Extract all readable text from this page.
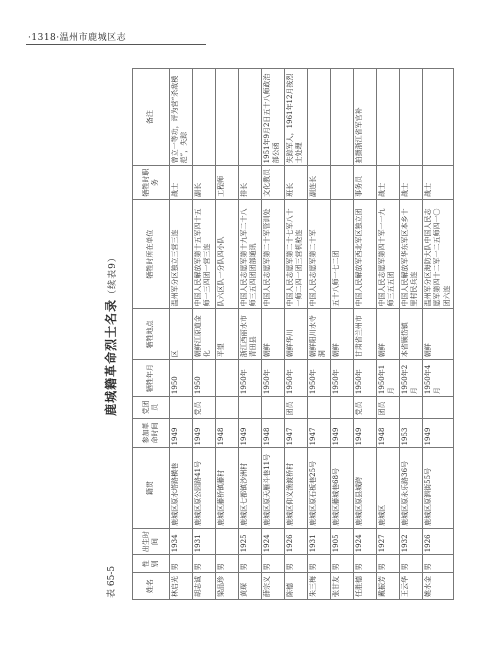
·1318·温州市鹿城区志
表 65-5
鹿城籍革命烈士名录（续表9）
姓名	性别	出生时间	籍贯	参加革命时间	党团员	牺牲年月	牺牲地点	牺牲时所在单位	牺牲时职务	备注
林启光	男	1934	鹿城区原水塔路横巷	1949		1950	区	温州军分区独立三营三连	战士	曾立一等功，评为营“杀敌模范”，失踪
胡志诚	男	1931	鹿城区原公园路41号	1949	党员	1950	朝鲜江原道金化	中国人民解放军第十五军四十五师一三四团一营三连	副长	
梁品珍	男		鹿城区藤桥镇藤村	1948			平望	队六区队一分队四小队	工程师	
黄琛	男	1925	鹿城区七都镇沙洲村	1949		1950年	浙江西丽水市青田县	中国人民志愿军第十九军二十八师三五四团团部通讯	排长	
薛宗义	男	1924	鹿城区原天雁斗巷11号	1948		1950年	朝鲜	中国人民志愿军第二十军管训处	文化教员	1951年9月2日五十八师政治部公函
陈德	男	1926	鹿城区仰义渔渡桥村	1947	团员	1950年	朝鲜华川	中国人民志愿军第二十七军八十一师二四一团三营机枪连	班长	失踪军人，1961年12月按烈士处理
朱三梅	男	1931	鹿城区原石板巷25号	1947		1950年	朝鲜阳川水寺洞	中国人民志愿军第二十军	副连长	
张甘友	男	1905	鹿城区藤城巷68号	1949		1950年	朝鲜	五十八师一七二团		
任胜德	男	1924	鹿城区原县城跨	1949	党员	1950年	甘肃省兰州市	中国人民解放军西北军区独立团	事务员	拍摄浙江省军官补
戴振芳	男	1927	鹿城区	1948	团员	1950年1月	朝鲜	中国人民志愿军第四十军一一九师三五五团	战士	
王云华	男	1932	鹿城区原永乐路36号	1953		1950年2月	本省顾岱镇	中国人民解放军华东军区本乡十里村民兵连	战士	
姚水金	男	1926	鹿城区原泗街55号	1949		1950年4月	朝鲜	温州军分区海防大队中国人民志愿军第四十二军一二五师四一〇团六连	战士	
